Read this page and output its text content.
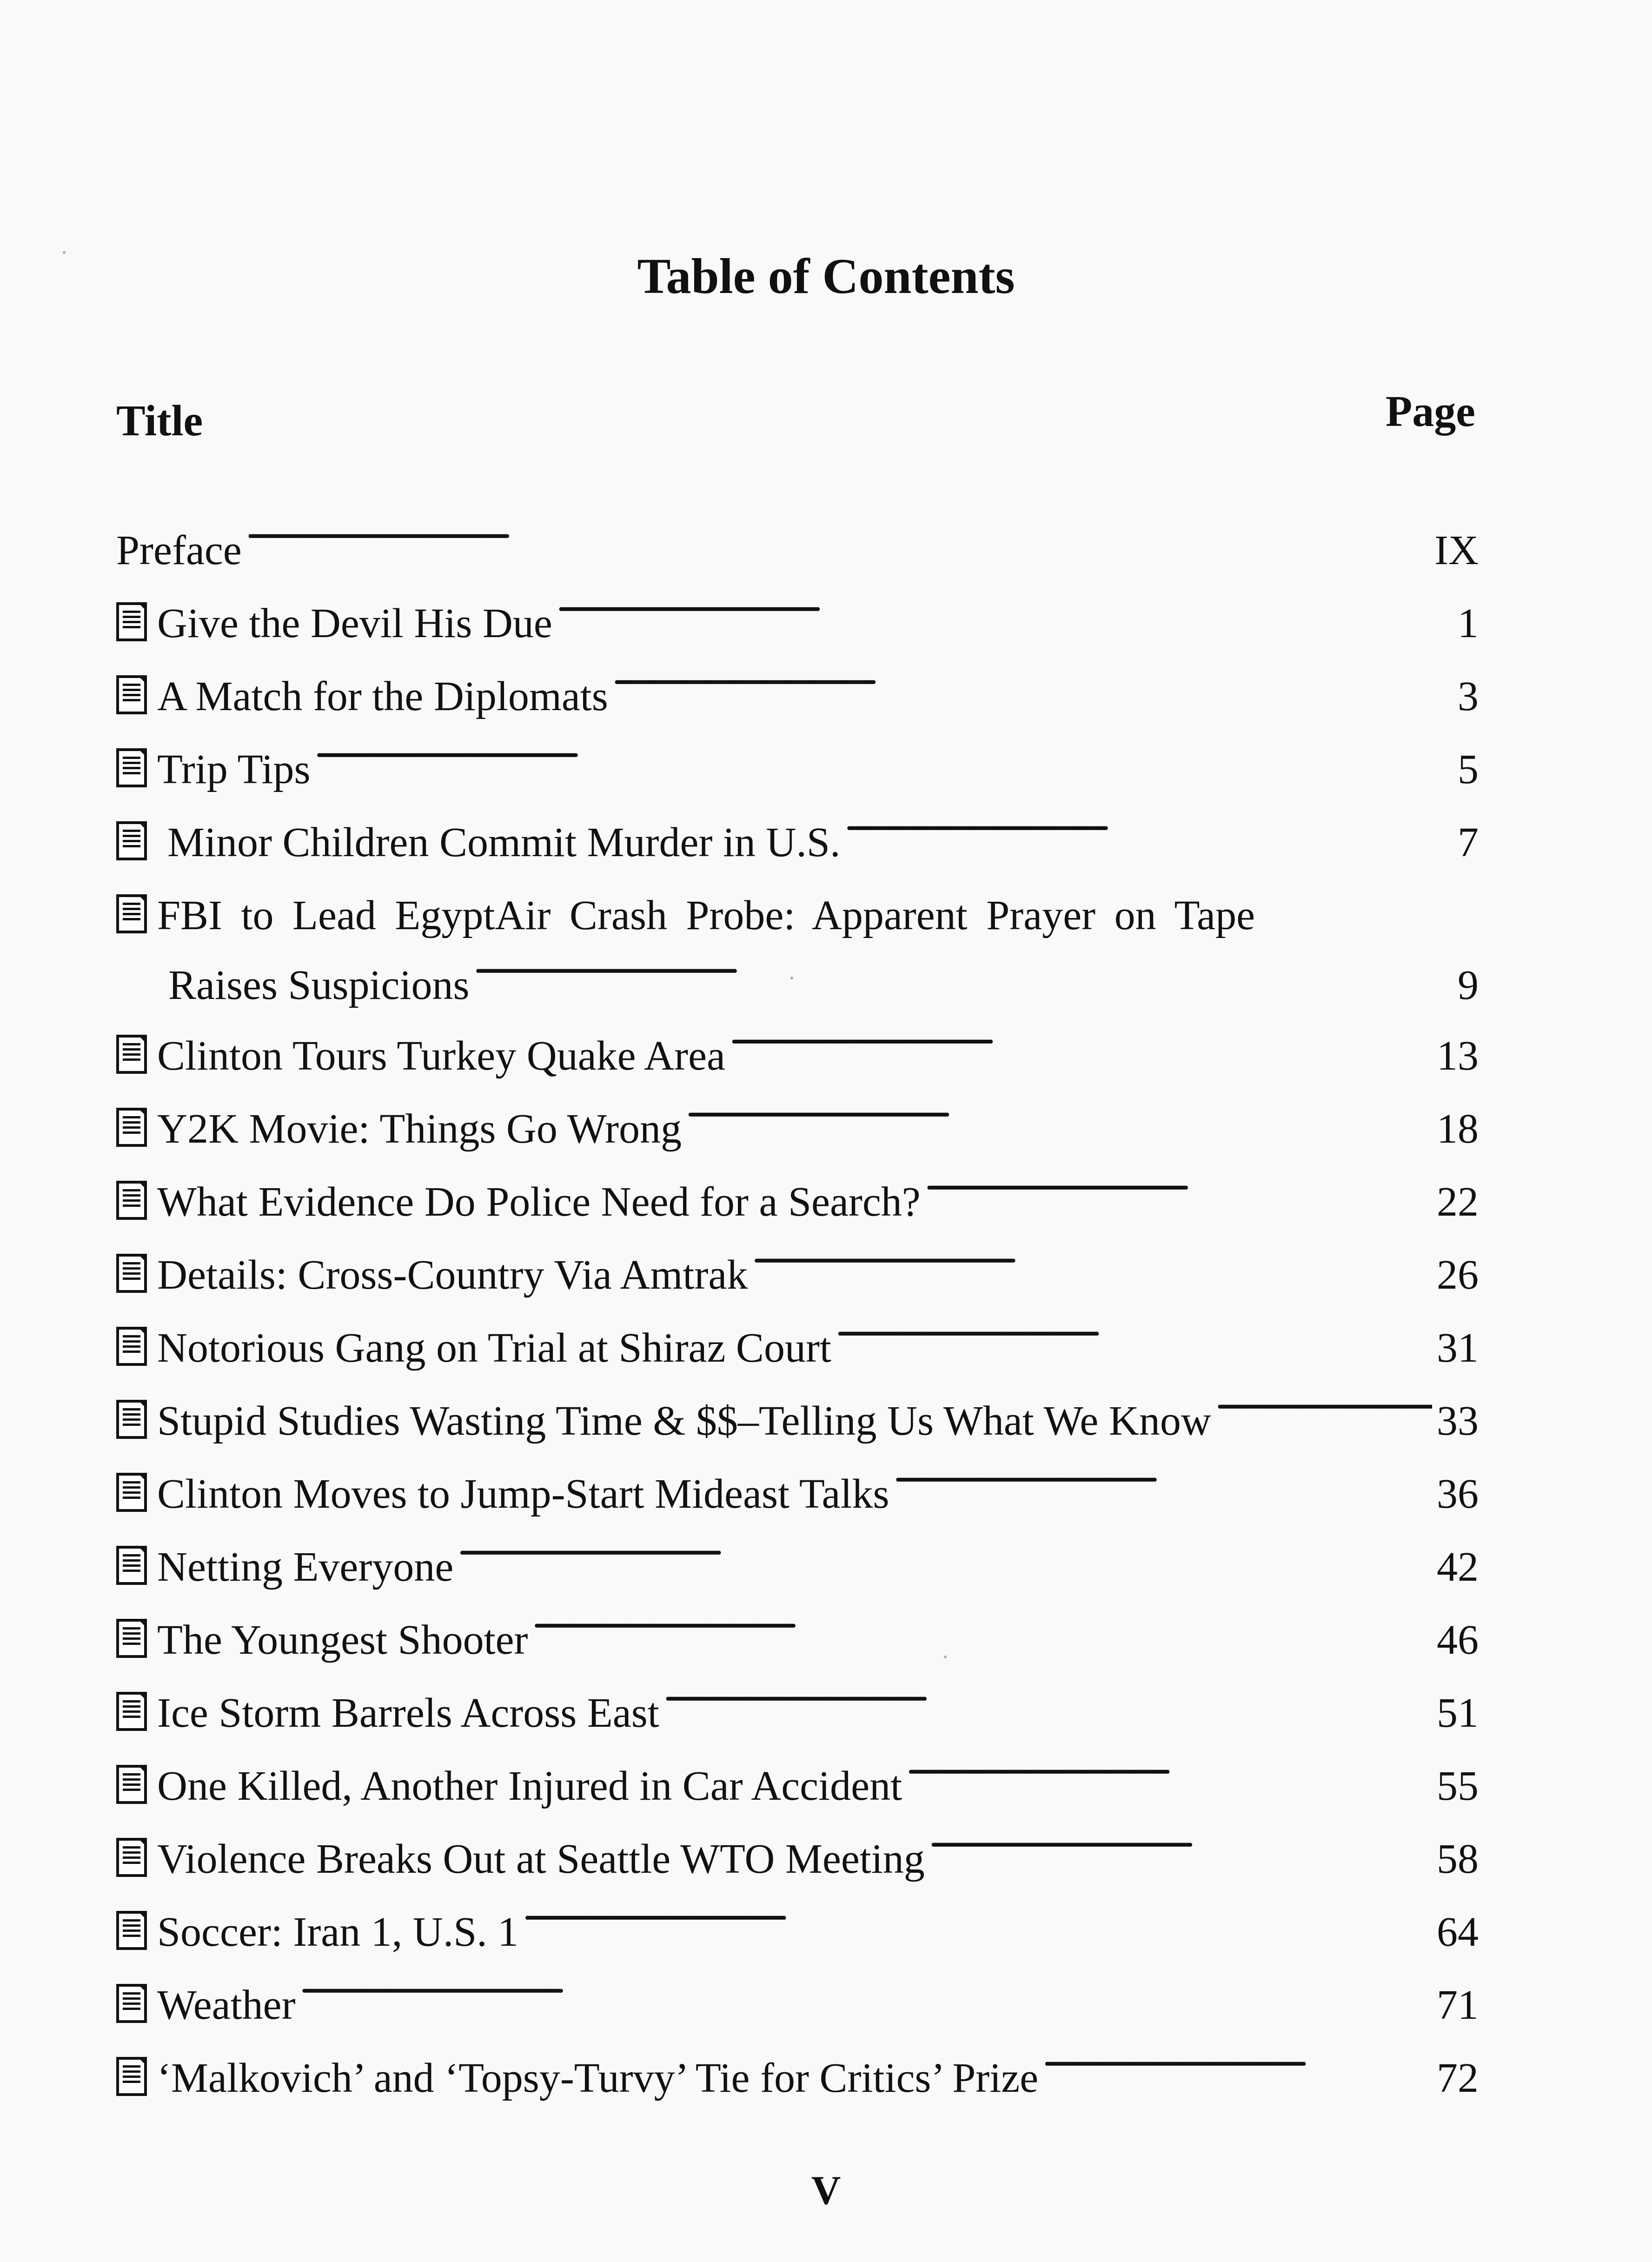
Table of Contents
Title	Page
Preface . . .	IX
Give the Devil His Due . . .	1
A Match for the Diplomats . . .	3
Trip Tips . . .	5
Minor Children Commit Murder in U.S. . . .	7
FBI to Lead EgyptAir Crash Probe: Apparent Prayer on Tape
Raises Suspicions . . .	9
Clinton Tours Turkey Quake Area . . .	13
Y2K Movie: Things Go Wrong . . .	18
What Evidence Do Police Need for a Search? . . .	22
Details: Cross-Country Via Amtrak . . .	26
Notorious Gang on Trial at Shiraz Court . . .	31
Stupid Studies Wasting Time & $$–Telling Us What We Know . . .	33
Clinton Moves to Jump-Start Mideast Talks . . .	36
Netting Everyone . . .	42
The Youngest Shooter . . .	46
Ice Storm Barrels Across East . . .	51
One Killed, Another Injured in Car Accident . . .	55
Violence Breaks Out at Seattle WTO Meeting . . .	58
Soccer: Iran 1, U.S. 1 . . .	64
Weather . . .	71
‘Malkovich’ and ‘Topsy-Turvy’ Tie for Critics’ Prize . . .	72
V
